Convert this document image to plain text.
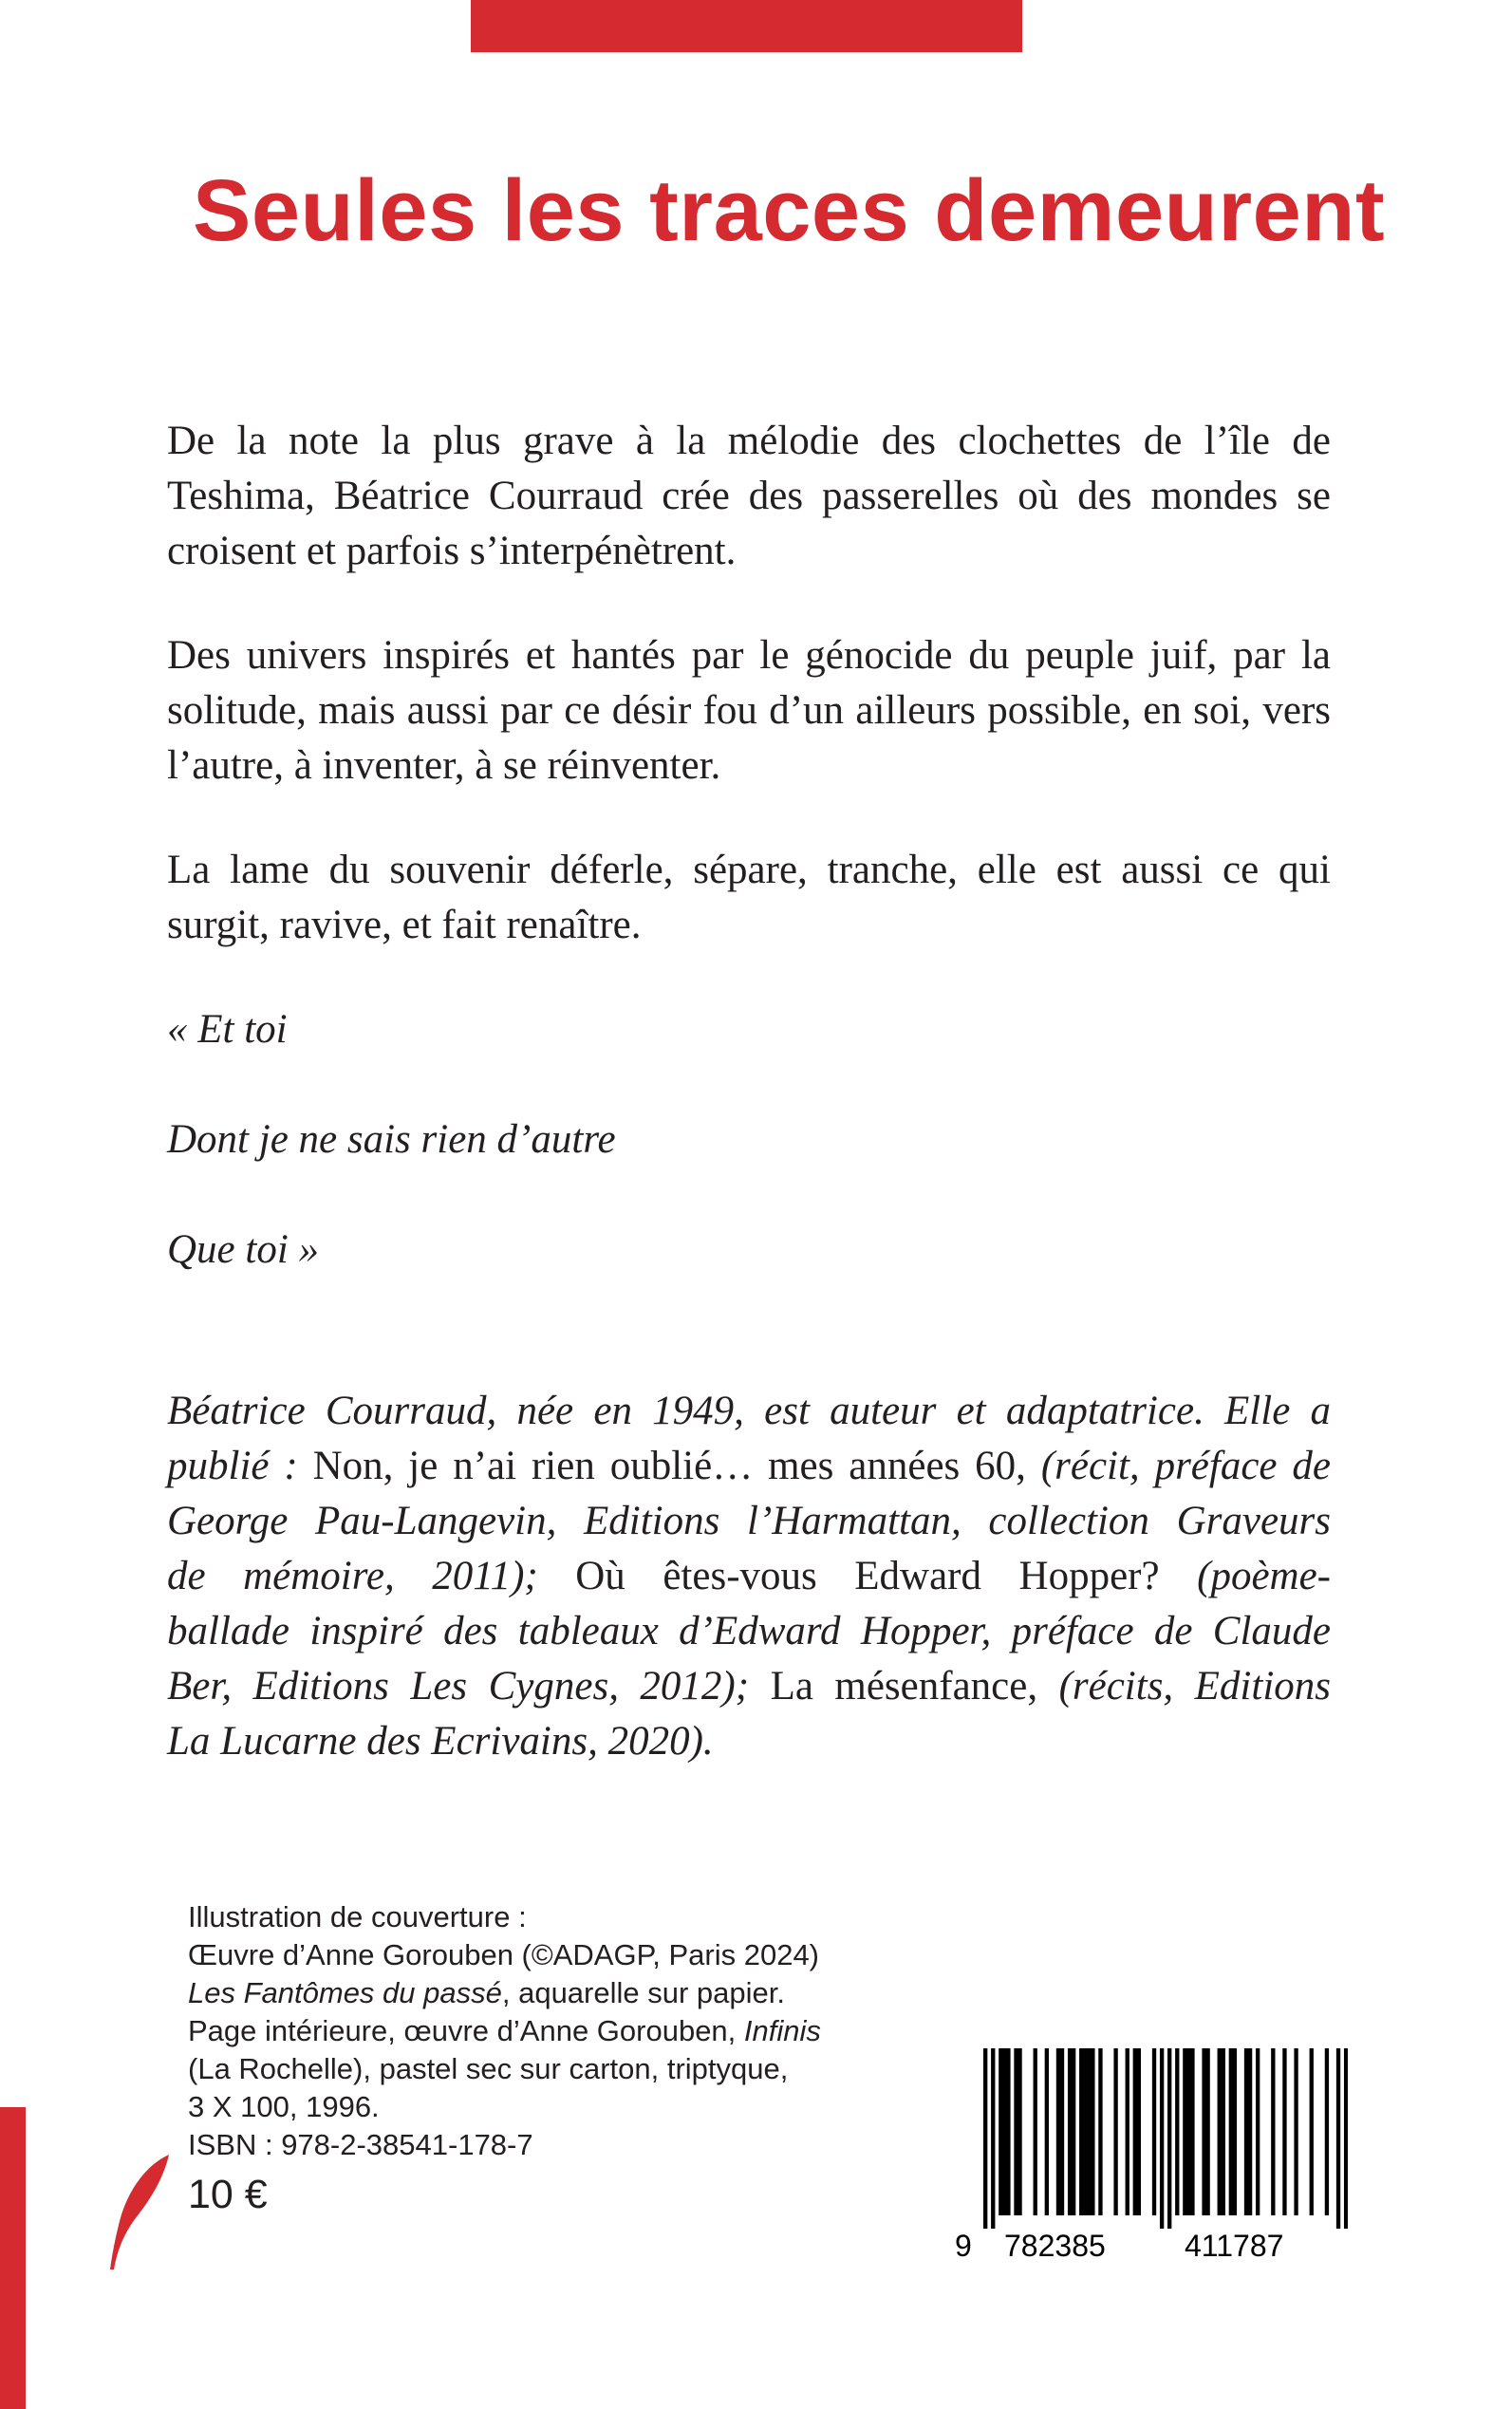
Seules les traces demeurent

De la note la plus grave à la mélodie des clochettes de l’île de Teshima, Béatrice Courraud crée des passerelles où des mondes se croisent et parfois s’interpénètrent.

Des univers inspirés et hantés par le génocide du peuple juif, par la solitude, mais aussi par ce désir fou d’un ailleurs possible, en soi, vers l’autre, à inventer, à se réinventer.

La lame du souvenir déferle, sépare, tranche, elle est aussi ce qui surgit, ravive, et fait renaître.

« Et toi

Dont je ne sais rien d’autre

Que toi »

Béatrice Courraud, née en 1949, est auteur et adaptatrice. Elle a
publié : Non, je n’ai rien oublié… mes années 60, (récit, préface de
George Pau-Langevin, Editions l’Harmattan, collection Graveurs
de mémoire, 2011); Où êtes-vous Edward Hopper? (poème-
ballade inspiré des tableaux d’Edward Hopper, préface de Claude
Ber, Editions Les Cygnes, 2012); La mésenfance, (récits, Editions
La Lucarne des Ecrivains, 2020).
Illustration de couverture :
Œuvre d’Anne Gorouben (©ADAGP, Paris 2024)
Les Fantômes du passé, aquarelle sur papier.
Page intérieure, œuvre d’Anne Gorouben, Infinis
(La Rochelle), pastel sec sur carton, triptyque,
3 X 100, 1996.
ISBN : 978-2-38541-178-7
10 €
9 782385	411787
